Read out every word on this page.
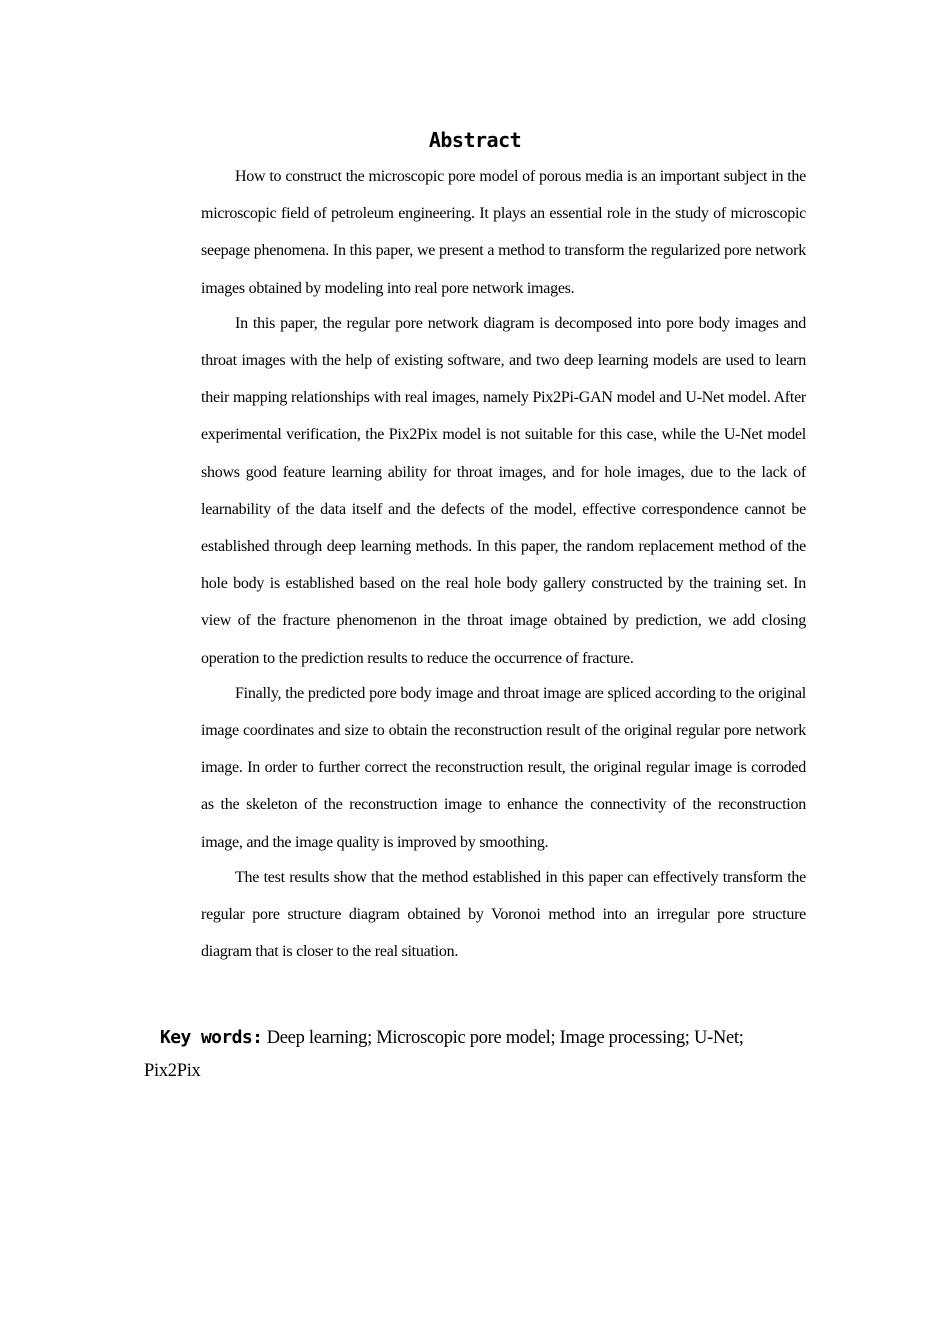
Abstract

How to construct the microscopic pore model of porous media is an important subject in the microscopic field of petroleum engineering. It plays an essential role in the study of microscopic seepage phenomena. In this paper, we present a method to transform the regularized pore network images obtained by modeling into real pore network images.

In this paper, the regular pore network diagram is decomposed into pore body images and throat images with the help of existing software, and two deep learning models are used to learn their mapping relationships with real images, namely Pix2Pi-GAN model and U-Net model. After experimental verification, the Pix2Pix model is not suitable for this case, while the U-Net model shows good feature learning ability for throat images, and for hole images, due to the lack of learnability of the data itself and the defects of the model, effective correspondence cannot be established through deep learning methods. In this paper, the random replacement method of the hole body is established based on the real hole body gallery constructed by the training set. In view of the fracture phenomenon in the throat image obtained by prediction, we add closing operation to the prediction results to reduce the occurrence of fracture.

Finally, the predicted pore body image and throat image are spliced according to the original image coordinates and size to obtain the reconstruction result of the original regular pore network image. In order to further correct the reconstruction result, the original regular image is corroded as the skeleton of the reconstruction image to enhance the connectivity of the reconstruction image, and the image quality is improved by smoothing.

The test results show that the method established in this paper can effectively transform the regular pore structure diagram obtained by Voronoi method into an irregular pore structure diagram that is closer to the real situation.

Key words: Deep learning; Microscopic pore model; Image processing; U-Net; Pix2Pix
